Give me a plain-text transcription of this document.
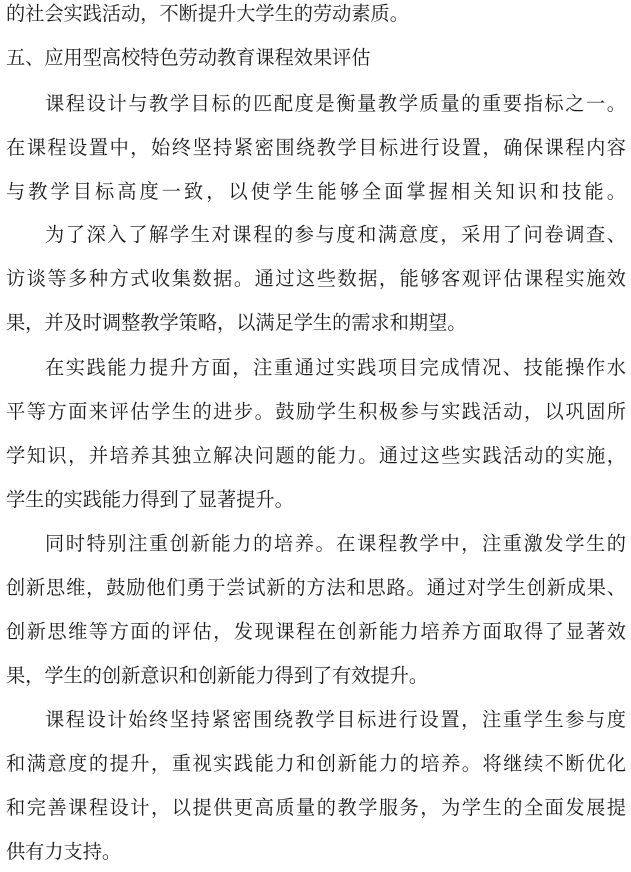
的社会实践活动，不断提升大学生的劳动素质。
五、应用型高校特色劳动教育课程效果评估
课程设计与教学目标的匹配度是衡量教学质量的重要指标之一。
在课程设置中，始终坚持紧密围绕教学目标进行设置，确保课程内容
与教学目标高度一致，以使学生能够全面掌握相关知识和技能。
为了深入了解学生对课程的参与度和满意度，采用了问卷调查、
访谈等多种方式收集数据。通过这些数据，能够客观评估课程实施效
果，并及时调整教学策略，以满足学生的需求和期望。
在实践能力提升方面，注重通过实践项目完成情况、技能操作水
平等方面来评估学生的进步。鼓励学生积极参与实践活动，以巩固所
学知识，并培养其独立解决问题的能力。通过这些实践活动的实施，
学生的实践能力得到了显著提升。
同时特别注重创新能力的培养。在课程教学中，注重激发学生的
创新思维，鼓励他们勇于尝试新的方法和思路。通过对学生创新成果、
创新思维等方面的评估，发现课程在创新能力培养方面取得了显著效
果，学生的创新意识和创新能力得到了有效提升。
课程设计始终坚持紧密围绕教学目标进行设置，注重学生参与度
和满意度的提升，重视实践能力和创新能力的培养。将继续不断优化
和完善课程设计，以提供更高质量的教学服务，为学生的全面发展提
供有力支持。
